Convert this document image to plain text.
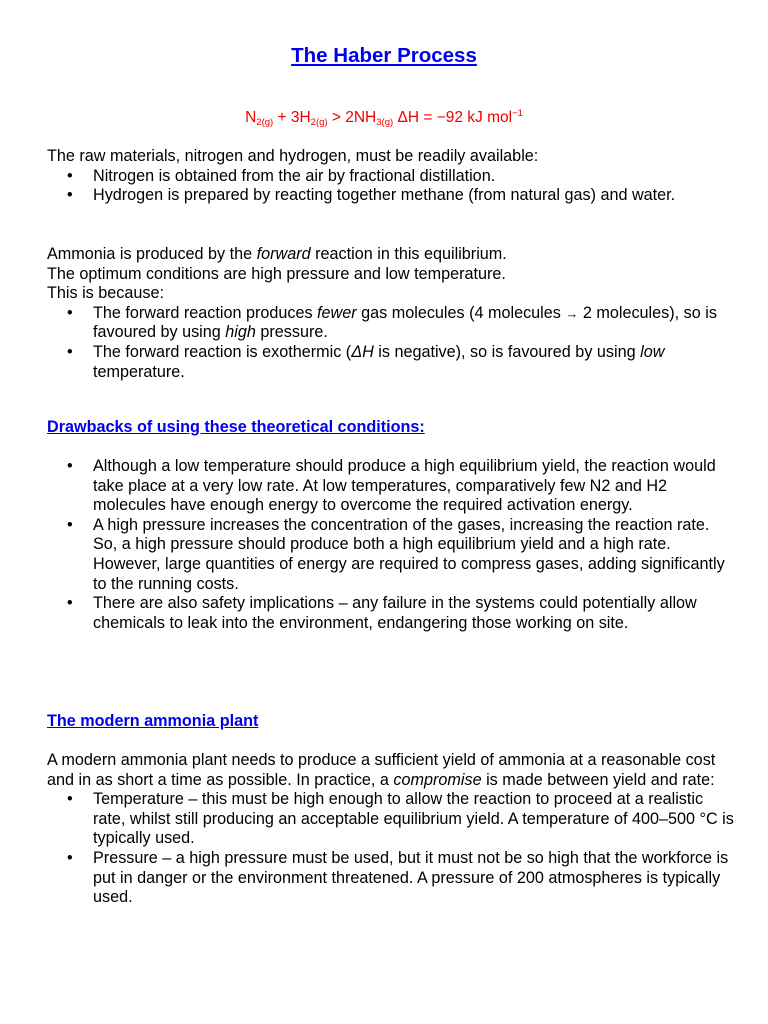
The Haber Process
$N_{2(g)} + 3H_{2(g)} > 2NH_{3(g)}$ ΔH = −92 kJ mol$^{-1}$

The raw materials, nitrogen and hydrogen, must be readily available:

• Nitrogen is obtained from the air by fractional distillation.
• Hydrogen is prepared by reacting together methane (from natural gas) and water.

Ammonia is produced by the forward reaction in this equilibrium.

The optimum conditions are high pressure and low temperature.

This is because:

• The forward reaction produces fewer gas molecules (4 molecules → 2 molecules), so is favoured by using high pressure.
• The forward reaction is exothermic (ΔH is negative), so is favoured by using low temperature.
Drawbacks of using these theoretical conditions:
• Although a low temperature should produce a high equilibrium yield, the reaction would take place at a very low rate. At low temperatures, comparatively few N2 and H2 molecules have enough energy to overcome the required activation energy.
• A high pressure increases the concentration of the gases, increasing the reaction rate. So, a high pressure should produce both a high equilibrium yield and a high rate. However, large quantities of energy are required to compress gases, adding significantly to the running costs.
• There are also safety implications – any failure in the systems could potentially allow chemicals to leak into the environment, endangering those working on site.
The modern ammonia plant

A modern ammonia plant needs to produce a sufficient yield of ammonia at a reasonable cost and in as short a time as possible. In practice, a compromise is made between yield and rate:

• Temperature – this must be high enough to allow the reaction to proceed at a realistic rate, whilst still producing an acceptable equilibrium yield. A temperature of 400–500 °C is typically used.
• Pressure – a high pressure must be used, but it must not be so high that the workforce is put in danger or the environment threatened. A pressure of 200 atmospheres is typically used.
